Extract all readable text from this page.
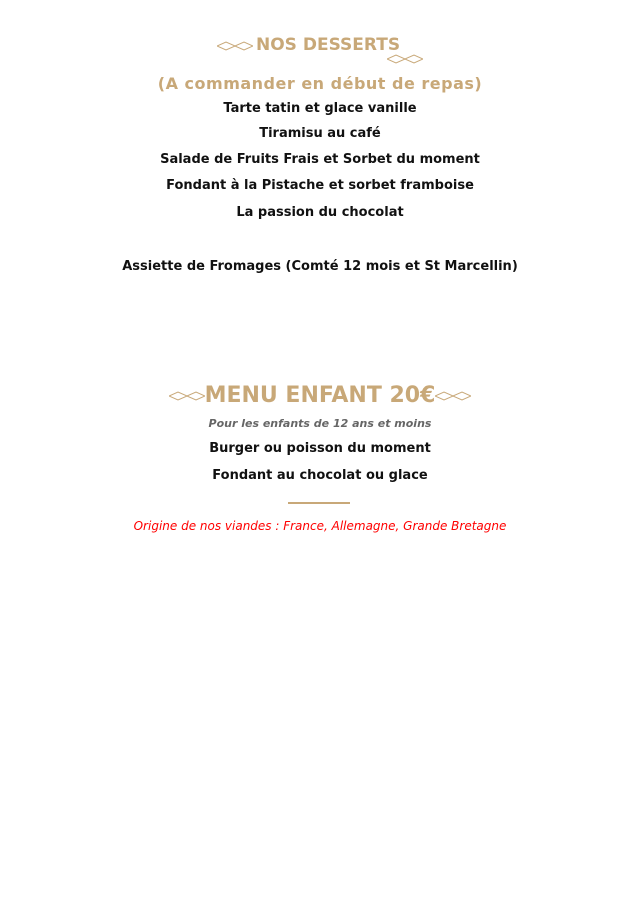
NOS DESSERTS
(A commander en début de repas)
Tarte tatin et glace vanille
Tiramisu au café
Salade de Fruits Frais et Sorbet du moment
Fondant à la Pistache et sorbet framboise
La passion du chocolat
Assiette de Fromages (Comté 12 mois et St Marcellin)
MENU ENFANT 20€
Pour les enfants de 12 ans et moins
Burger ou poisson du moment
Fondant au chocolat ou glace
Origine de nos viandes : France, Allemagne, Grande Bretagne
